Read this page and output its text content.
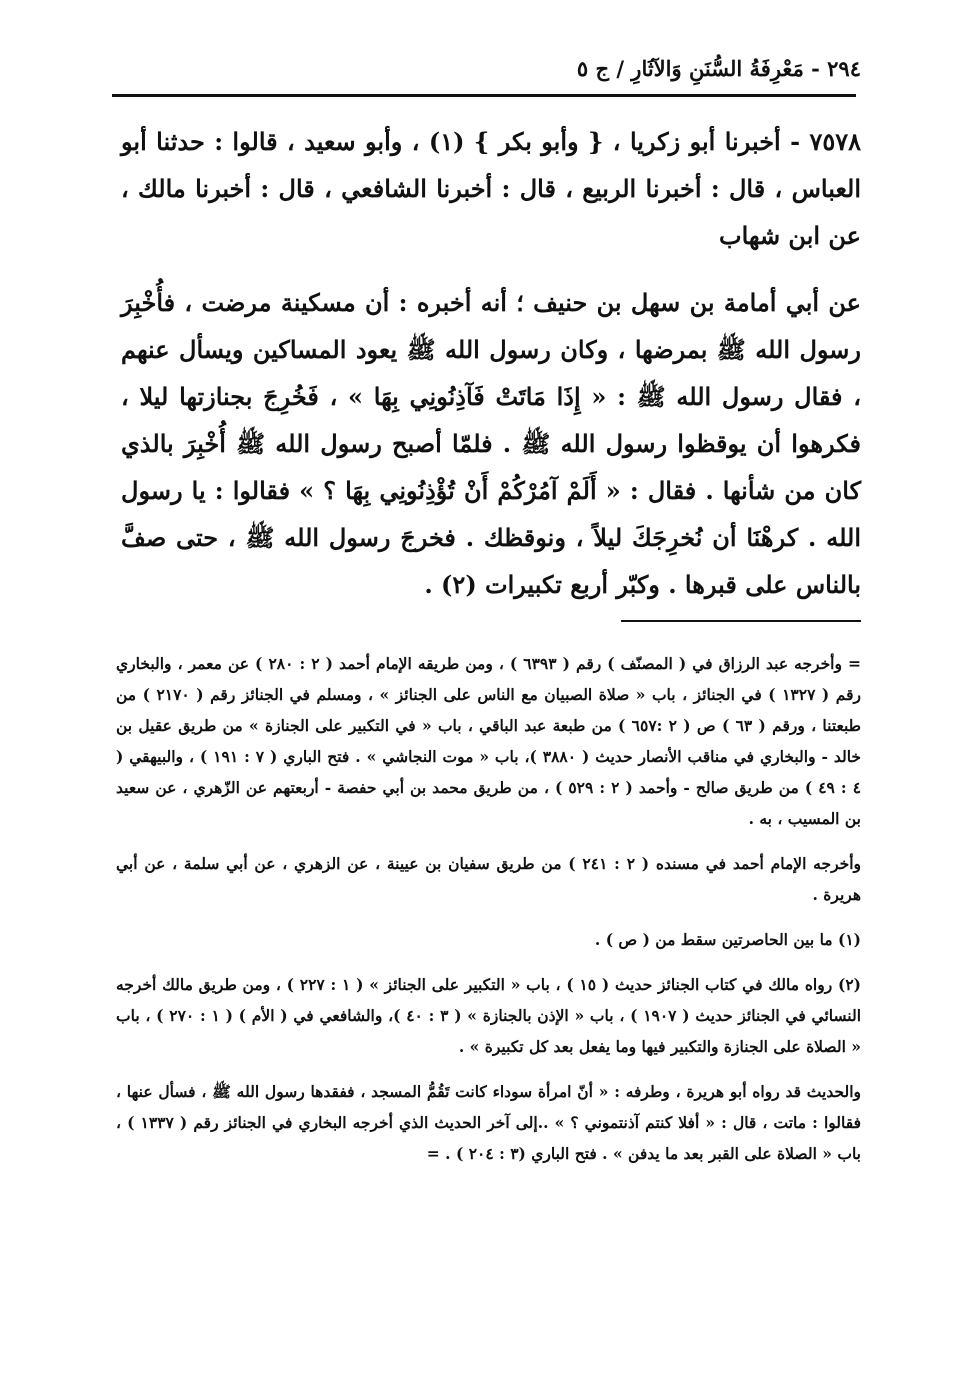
٢٩٤ - مَعْرِفَةُ السُّنَنِ وَالآثَارِ / ج ٥

٧٥٧٨ - أخبرنا أبو زكريا ، { وأبو بكر } (١) ، وأبو سعيد ، قالوا : حدثنا أبو العباس ، قال : أخبرنا الربيع ، قال : أخبرنا الشافعي ، قال : أخبرنا مالك ، عن ابن شهاب

عن أبي أمامة بن سهل بن حنيف ؛ أنه أخبره : أن مسكينة مرضت ، فأُخْبِرَ رسول الله ﷺ بمرضها ، وكان رسول الله ﷺ يعود المساكين ويسأل عنهم ، فقال رسول الله ﷺ : « إِذَا مَاتَتْ فَآذِنُونِي بِهَا » ، فَخُرِجَ بجنازتها ليلا ، فكرهوا أن يوقظوا رسول الله ﷺ . فلمّا أصبح رسول الله ﷺ أُخْبِرَ بالذي كان من شأنها . فقال : « أَلَمْ آمُرْكُمْ أَنْ تُؤْذِنُونِي بِهَا ؟ » فقالوا : يا رسول الله . كرهْنَا أن نُخرِجَكَ ليلاً ، ونوقظك . فخرجَ رسول الله ﷺ ، حتى صفَّ بالناس على قبرها . وكبّر أربع تكبيرات (٢) .

= وأخرجه عبد الرزاق في ( المصنّف ) رقم ( ٦٣٩٣ ) ، ومن طريقه الإمام أحمد ( ٢ : ٢٨٠ ) عن معمر ، والبخاري رقم ( ١٣٢٧ ) في الجنائز ، باب « صلاة الصبيان مع الناس على الجنائز » ، ومسلم في الجنائز رقم ( ٢١٧٠ ) من طبعتنا ، ورقم ( ٦٣ ) ص ( ٢ :٦٥٧ ) من طبعة عبد الباقي ، باب « في التكبير على الجنازة » من طريق عقيل بن خالد - والبخاري في مناقب الأنصار حديث ( ٣٨٨٠ )، باب « موت النجاشي » . فتح الباري ( ٧ : ١٩١ ) ، والبيهقي ( ٤ : ٤٩ ) من طريق صالح - وأحمد ( ٢ : ٥٢٩ ) ، من طريق محمد بن أبي حفصة - أربعتهم عن الزّهري ، عن سعيد بن المسيب ، به .

وأخرجه الإمام أحمد في مسنده ( ٢ : ٢٤١ ) من طريق سفيان بن عيينة ، عن الزهري ، عن أبي سلمة ، عن أبي هريرة .

(١) ما بين الحاصرتين سقط من ( ص ) .

(٢) رواه مالك في كتاب الجنائز حديث ( ١٥ ) ، باب « التكبير على الجنائز » ( ١ : ٢٢٧ ) ، ومن طريق مالك أخرجه النسائي في الجنائز حديث ( ١٩٠٧ ) ، باب « الإذن بالجنازة » ( ٣ : ٤٠ )، والشافعي في ( الأم ) ( ١ : ٢٧٠ ) ، باب « الصلاة على الجنازة والتكبير فيها وما يفعل بعد كل تكبيرة » .

والحديث قد رواه أبو هريرة ، وطرفه : « أنّ امرأة سوداء كانت تَقُمُّ المسجد ، ففقدها رسول الله ﷺ ، فسأل عنها ، فقالوا : ماتت ، قال : « أفلا كنتم آذنتموني ؟ » ..إلى آخر الحديث الذي أخرجه البخاري في الجنائز رقم ( ١٣٣٧ ) ، باب « الصلاة على القبر بعد ما يدفن » . فتح الباري (٣ : ٢٠٤ ) . =
